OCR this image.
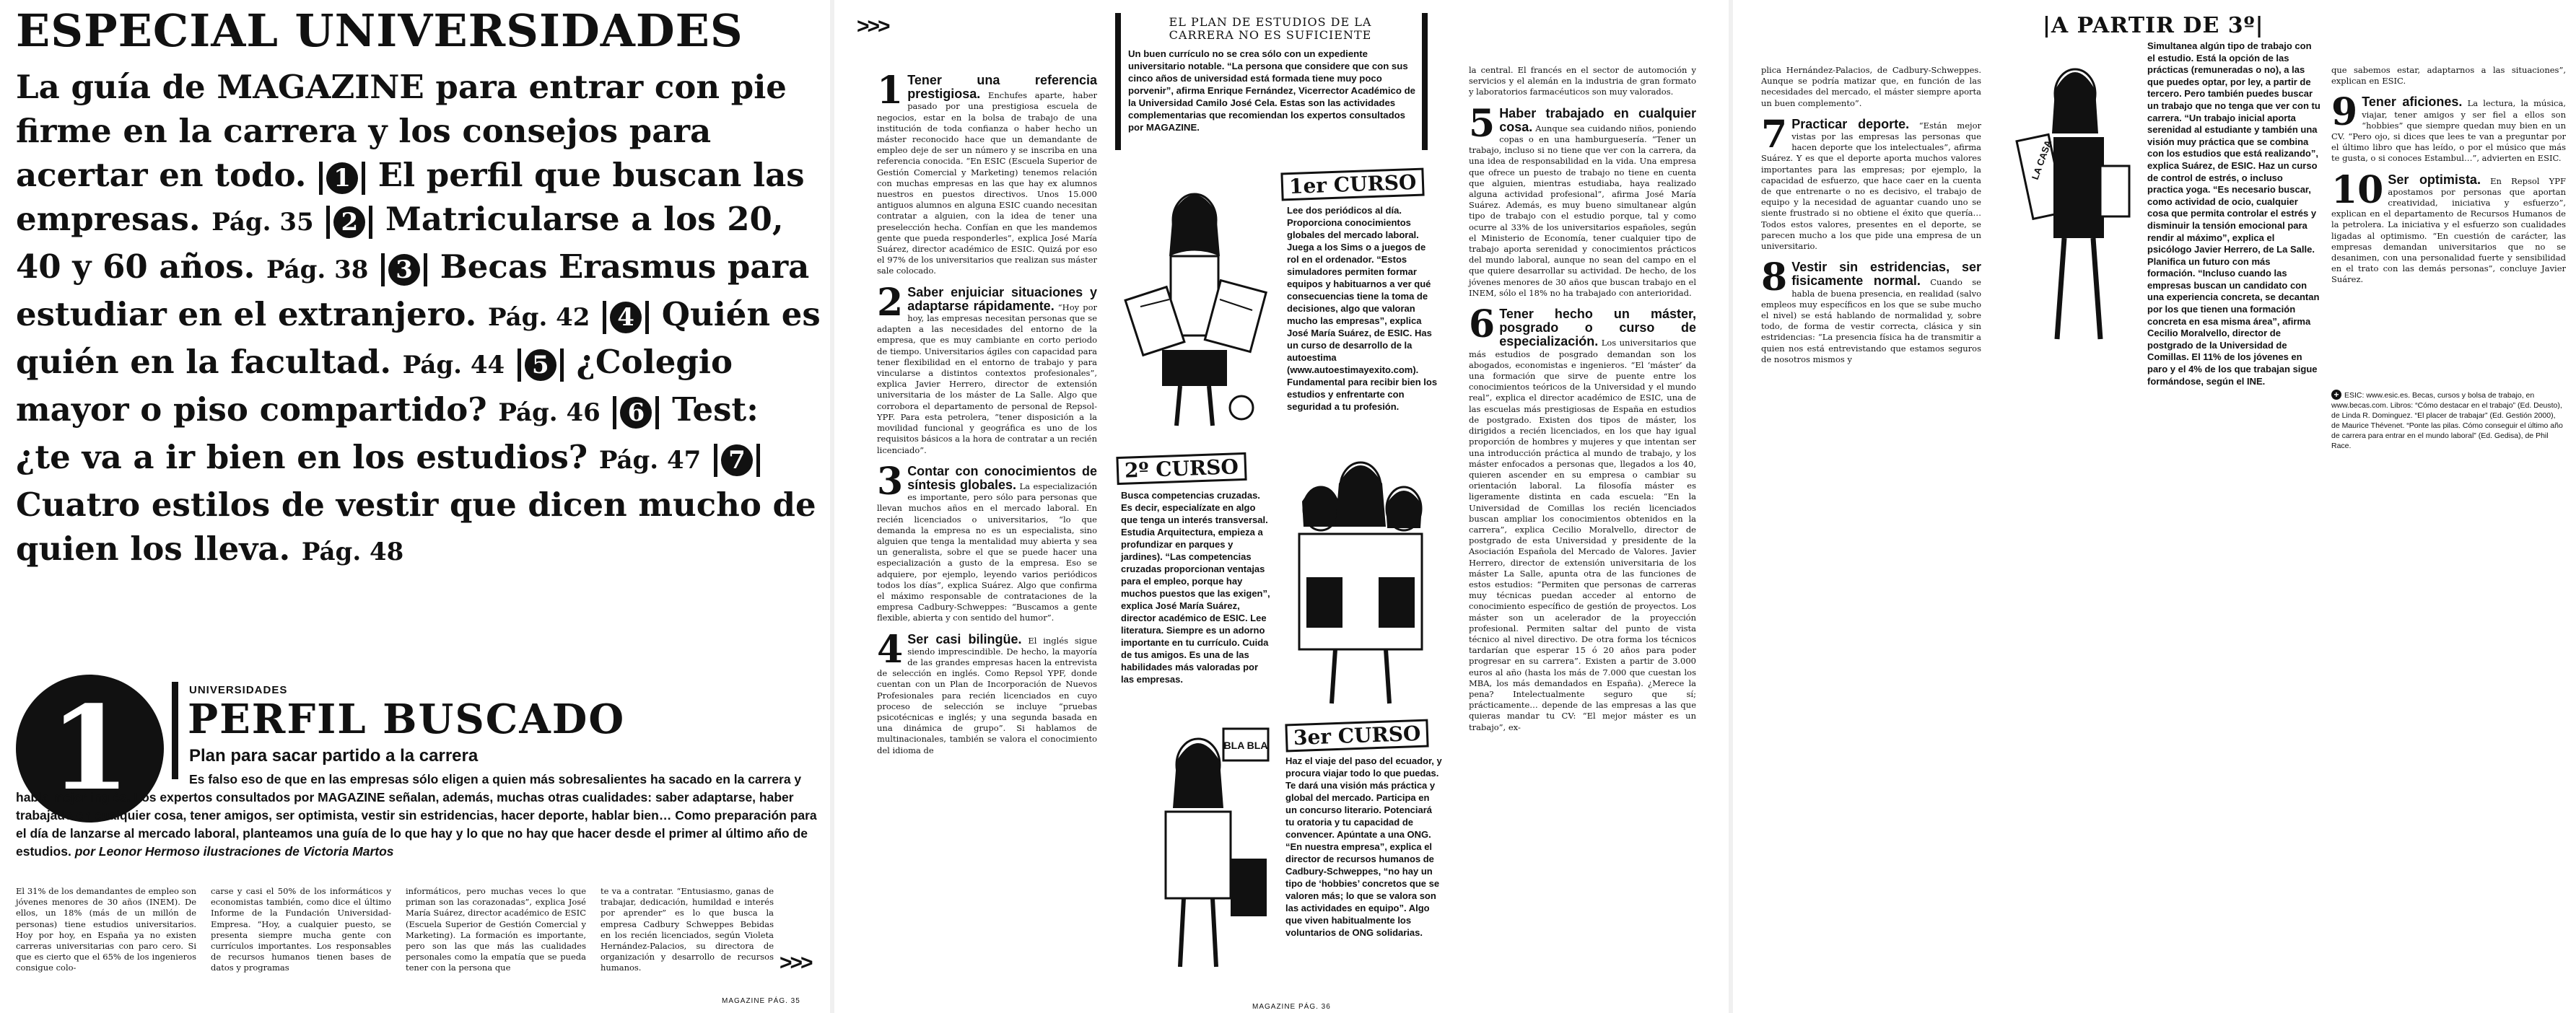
ESPECIAL UNIVERSIDADES
La guía de MAGAZINE para entrar con pie firme en la carrera y los consejos para acertar en todo. 1 El perfil que buscan las empresas. Pág. 35 2 Matricularse a los 20, 40 y 60 años. Pág. 38 3 Becas Erasmus para estudiar en el extranjero. Pág. 42 4 Quién es quién en la facultad. Pág. 44 5 ¿Colegio mayor o piso compartido? Pág. 46 6 Test: ¿te va a ir bien en los estudios? Pág. 47 7 Cuatro estilos de vestir que dicen mucho de quien los lleva. Pág. 48
1	UNIVERSIDADES
PERFIL BUSCADO
Plan para sacar partido a la carrera
Es falso eso de que en las empresas sólo eligen a quien más sobresalientes ha sacado en la carrera y habla mejor inglés. Los expertos consultados por MAGAZINE señalan, además, muchas otras cualidades: saber adaptarse, haber trabajado en cualquier cosa, tener amigos, ser optimista, vestir sin estridencias, hacer deporte, hablar bien… Como preparación para el día de lanzarse al mercado laboral, planteamos una guía de lo que hay y lo que no hay que hacer desde el primer al último año de estudios. por Leonor Hermoso ilustraciones de Victoria Martos
El 31% de los demandantes de empleo son jóvenes menores de 30 años (INEM). De ellos, un 18% (más de un millón de personas) tiene estudios universitarios. Hoy por hoy, en España ya no existen carreras universitarias con paro cero. Si que es cierto que el 65% de los ingenieros consigue colo-
carse y casi el 50% de los informáticos y economistas también, como dice el último Informe de la Fundación Universidad-Empresa. “Hoy, a cualquier puesto, se presenta siempre mucha gente con currículos importantes. Los responsables de recursos humanos tienen bases de datos y programas
informáticos, pero muchas veces lo que priman son las corazonadas”, explica José María Suárez, director académico de ESIC (Escuela Superior de Gestión Comercial y Marketing). La formación es importante, pero son las que más las cualidades personales como la empatía que se pueda tener con la persona que
te va a contratar. “Entusiasmo, ganas de trabajar, dedicación, humildad e interés por aprender” es lo que busca la empresa Cadbury Schweppes Bebidas en los recién licenciados, según Violeta Hernández-Palacios, su directora de organización y desarrollo de recursos humanos.	>>>
MAGAZINE PÁG. 35
>>>	EL PLAN DE ESTUDIOS DE LA CARRERA NO ES SUFICIENTE
Un buen currículo no se crea sólo con un expediente universitario notable. “La persona que considere que con sus cinco años de universidad está formada tiene muy poco porvenir”, afirma Enrique Fernández, Vicerrector Académico de la Universidad Camilo José Cela. Estas son las actividades complementarias que recomiendan los expertos consultados por MAGAZINE.

1 Tener una referencia prestigiosa. Enchufes aparte, haber pasado por una prestigiosa escuela de negocios, estar en la bolsa de trabajo de una institución de toda confianza o haber hecho un máster reconocido hace que un demandante de empleo deje de ser un número y se inscriba en una referencia conocida. “En ESIC (Escuela Superior de Gestión Comercial y Marketing) tenemos relación con muchas empresas en las que hay ex alumnos nuestros en puestos directivos. Unos 15.000 antiguos alumnos en alguna ESIC cuando necesitan contratar a alguien, con la idea de tener una preselección hecha. Confían en que les mandemos gente que pueda responderles”, explica José María Suárez, director académico de ESIC. Quizá por eso el 97% de los universitarios que realizan sus máster sale colocado.

2 Saber enjuiciar situaciones y adaptarse rápidamente. “Hoy por hoy, las empresas necesitan personas que se adapten a las necesidades del entorno de la empresa, que es muy cambiante en corto periodo de tiempo. Universitarios ágiles con capacidad para tener flexibilidad en el entorno de trabajo y para vincularse a distintos contextos profesionales”, explica Javier Herrero, director de extensión universitaria de los máster de La Salle. Algo que corrobora el departamento de personal de Repsol-YPF. Para esta petrolera, “tener disposición a la movilidad funcional y geográfica es uno de los requisitos básicos a la hora de contratar a un recién licenciado”.

3 Contar con conocimientos de síntesis globales. La especialización es importante, pero sólo para personas que llevan muchos años en el mercado laboral. En recién licenciados o universitarios, “lo que demanda la empresa no es un especialista, sino alguien que tenga la mentalidad muy abierta y sea un generalista, sobre el que se puede hacer una especialización a gusto de la empresa. Eso se adquiere, por ejemplo, leyendo varios periódicos todos los días”, explica Suárez. Algo que confirma el máximo responsable de contrataciones de la empresa Cadbury-Schweppes: “Buscamos a gente flexible, abierta y con sentido del humor”.

4 Ser casi bilingüe. El inglés sigue siendo imprescindible. De hecho, la mayoría de las grandes empresas hacen la entrevista de selección en inglés. Como Repsol YPF, donde cuentan con un Plan de Incorporación de Nuevos Profesionales para recién licenciados en cuyo proceso de selección se incluye “pruebas psicotécnicas e inglés; y una segunda basada en una dinámica de grupo”. Si hablamos de multinacionales, también se valora el conocimiento del idioma de

1er CURSO
Lee dos periódicos al día. Proporciona conocimientos globales del mercado laboral. Juega a los Sims o a juegos de rol en el ordenador. “Estos simuladores permiten formar equipos y habituarnos a ver qué consecuencias tiene la toma de decisiones, algo que valoran mucho las empresas”, explica José María Suárez, de ESIC. Has un curso de desarrollo de la autoestima (www.autoestimayexito.com). Fundamental para recibir bien los estudios y enfrentarte con seguridad a tu profesión.
2º CURSO
Busca competencias cruzadas. Es decir, especialízate en algo que tenga un interés transversal. Estudia Arquitectura, empieza a profundizar en parques y jardines). “Las competencias cruzadas proporcionan ventajas para el empleo, porque hay muchos puestos que las exigen”, explica José María Suárez, director académico de ESIC. Lee literatura. Siempre es un adorno importante en tu currículo. Cuida de tus amigos. Es una de las habilidades más valoradas por las empresas.
3er CURSO
Haz el viaje del paso del ecuador, y procura viajar todo lo que puedas. Te dará una visión más práctica y global del mercado. Participa en un concurso literario. Potenciará tu oratoria y tu capacidad de convencer. Apúntate a una ONG. “En nuestra empresa”, explica el director de recursos humanos de Cadbury-Schweppes, “no hay un tipo de ‘hobbies’ concretos que se valoren más; lo que se valora son las actividades en equipo”. Algo que viven habitualmente los voluntarios de ONG solidarias.
BLA BLA

la central. El francés en el sector de automoción y servicios y el alemán en la industria de gran formato y laboratorios farmacéuticos son muy valorados.

5 Haber trabajado en cualquier cosa. Aunque sea cuidando niños, poniendo copas o en una hamburguesería. “Tener un trabajo, incluso si no tiene que ver con la carrera, da una idea de responsabilidad en la vida. Una empresa que ofrece un puesto de trabajo no tiene en cuenta que alguien, mientras estudiaba, haya realizado alguna actividad profesional”, afirma José María Suárez. Además, es muy bueno simultanear algún tipo de trabajo con el estudio porque, tal y como ocurre al 33% de los universitarios españoles, según el Ministerio de Economía, tener cualquier tipo de trabajo aporta serenidad y conocimientos prácticos del mundo laboral, aunque no sean del campo en el que quiere desarrollar su actividad. De hecho, de los jóvenes menores de 30 años que buscan trabajo en el INEM, sólo el 18% no ha trabajado con anterioridad.

6 Tener hecho un máster, posgrado o curso de especialización. Los universitarios que más estudios de posgrado demandan son los abogados, economistas e ingenieros. “El ‘máster’ da una formación que sirve de puente entre los conocimientos teóricos de la Universidad y el mundo real”, explica el director académico de ESIC, una de las escuelas más prestigiosas de España en estudios de postgrado. Existen dos tipos de máster, los dirigidos a recién licenciados, en los que hay igual proporción de hombres y mujeres y que intentan ser una introducción práctica al mundo de trabajo, y los máster enfocados a personas que, llegados a los 40, quieren ascender en su empresa o cambiar su orientación laboral. La filosofía máster es ligeramente distinta en cada escuela: “En la Universidad de Comillas los recién licenciados buscan ampliar los conocimientos obtenidos en la carrera”, explica Cecilio Moralvello, director de postgrado de esta Universidad y presidente de la Asociación Española del Mercado de Valores. Javier Herrero, director de extensión universitaria de los máster La Salle, apunta otra de las funciones de estos estudios: “Permiten que personas de carreras muy técnicas puedan acceder al entorno de conocimiento específico de gestión de proyectos. Los máster son un acelerador de la proyección profesional. Permiten saltar del punto de vista técnico al nivel directivo. De otra forma los técnicos tardarían que esperar 15 ó 20 años para poder progresar en su carrera”. Existen a partir de 3.000 euros al año (hasta los más de 7.000 que cuestan los MBA, los más demandados en España). ¿Merece la pena? Intelectualmente seguro que sí; prácticamente… depende de las empresas a las que quieras mandar tu CV: “El mejor máster es un trabajo”, ex-

MAGAZINE PÁG. 36

plica Hernández-Palacios, de Cadbury-Schweppes. Aunque se podría matizar que, en función de las necesidades del mercado, el máster siempre aporta un buen complemento”.

7 Practicar deporte. “Están mejor vistas por las empresas las personas que hacen deporte que los intelectuales”, afirma Suárez. Y es que el deporte aporta muchos valores importantes para las empresas; por ejemplo, la capacidad de esfuerzo, que hace caer en la cuenta de que entrenarte o no es decisivo, el trabajo de equipo y la necesidad de aguantar cuando uno se siente frustrado si no obtiene el éxito que quería… Todos estos valores, presentes en el deporte, se parecen mucho a los que pide una empresa de un universitario.

8 Vestir sin estridencias, ser fisicamente normal. Cuando se habla de buena presencia, en realidad (salvo empleos muy específicos en los que se sube mucho el nivel) se está hablando de normalidad y, sobre todo, de forma de vestir correcta, clásica y sin estridencias: “La presencia física ha de transmitir a quien nos está entrevistando que estamos seguros de nosotros mismos y

|A PARTIR DE 3º|
LA CASA
Simultanea algún tipo de trabajo con el estudio. Está la opción de las prácticas (remuneradas o no), a las que puedes optar, por ley, a partir de tercero. Pero también puedes buscar un trabajo que no tenga que ver con tu carrera. “Un trabajo inicial aporta serenidad al estudiante y también una visión muy práctica que se combina con los estudios que está realizando”, explica Suárez, de ESIC. Haz un curso de control de estrés, o incluso practica yoga. “Es necesario buscar, como actividad de ocio, cualquier cosa que permita controlar el estrés y disminuir la tensión emocional para rendir al máximo”, explica el psicólogo Javier Herrero, de La Salle. Planifica un futuro con más formación. “Incluso cuando las empresas buscan un candidato con una experiencia concreta, se decantan por los que tienen una formación concreta en esa misma área”, afirma Cecilio Moralvello, director de postgrado de la Universidad de Comillas. El 11% de los jóvenes en paro y el 4% de los que trabajan sigue formándose, según el INE.

que sabemos estar, adaptarnos a las situaciones”, explican en ESIC.

9 Tener aficiones. La lectura, la música, viajar, tener amigos y ser fiel a ellos son “hobbies” que siempre quedan muy bien en un CV. “Pero ojo, si dices que lees te van a preguntar por el último libro que has leído, o por el músico que más te gusta, o si conoces Estambul…”, advierten en ESIC.

10 Ser optimista. En Repsol YPF apostamos por personas que aportan creatividad, iniciativa y esfuerzo”, explican en el departamento de Recursos Humanos de la petrolera. La iniciativa y el esfuerzo son cualidades ligadas al optimismo. “En cuestión de carácter, las empresas demandan universitarios que no se desanimen, con una personalidad fuerte y sensibilidad en el trato con las demás personas”, concluye Javier Suárez.

+ ESIC: www.esic.es. Becas, cursos y bolsa de trabajo, en www.becas.com. Libros: “Cómo destacar en el trabajo” (Ed. Deusto), de Linda R. Dominguez. “El placer de trabajar” (Ed. Gestión 2000), de Maurice Thévenet. “Ponte las pilas. Cómo conseguir el último año de carrera para entrar en el mundo laboral” (Ed. Gedisa), de Phil Race.
